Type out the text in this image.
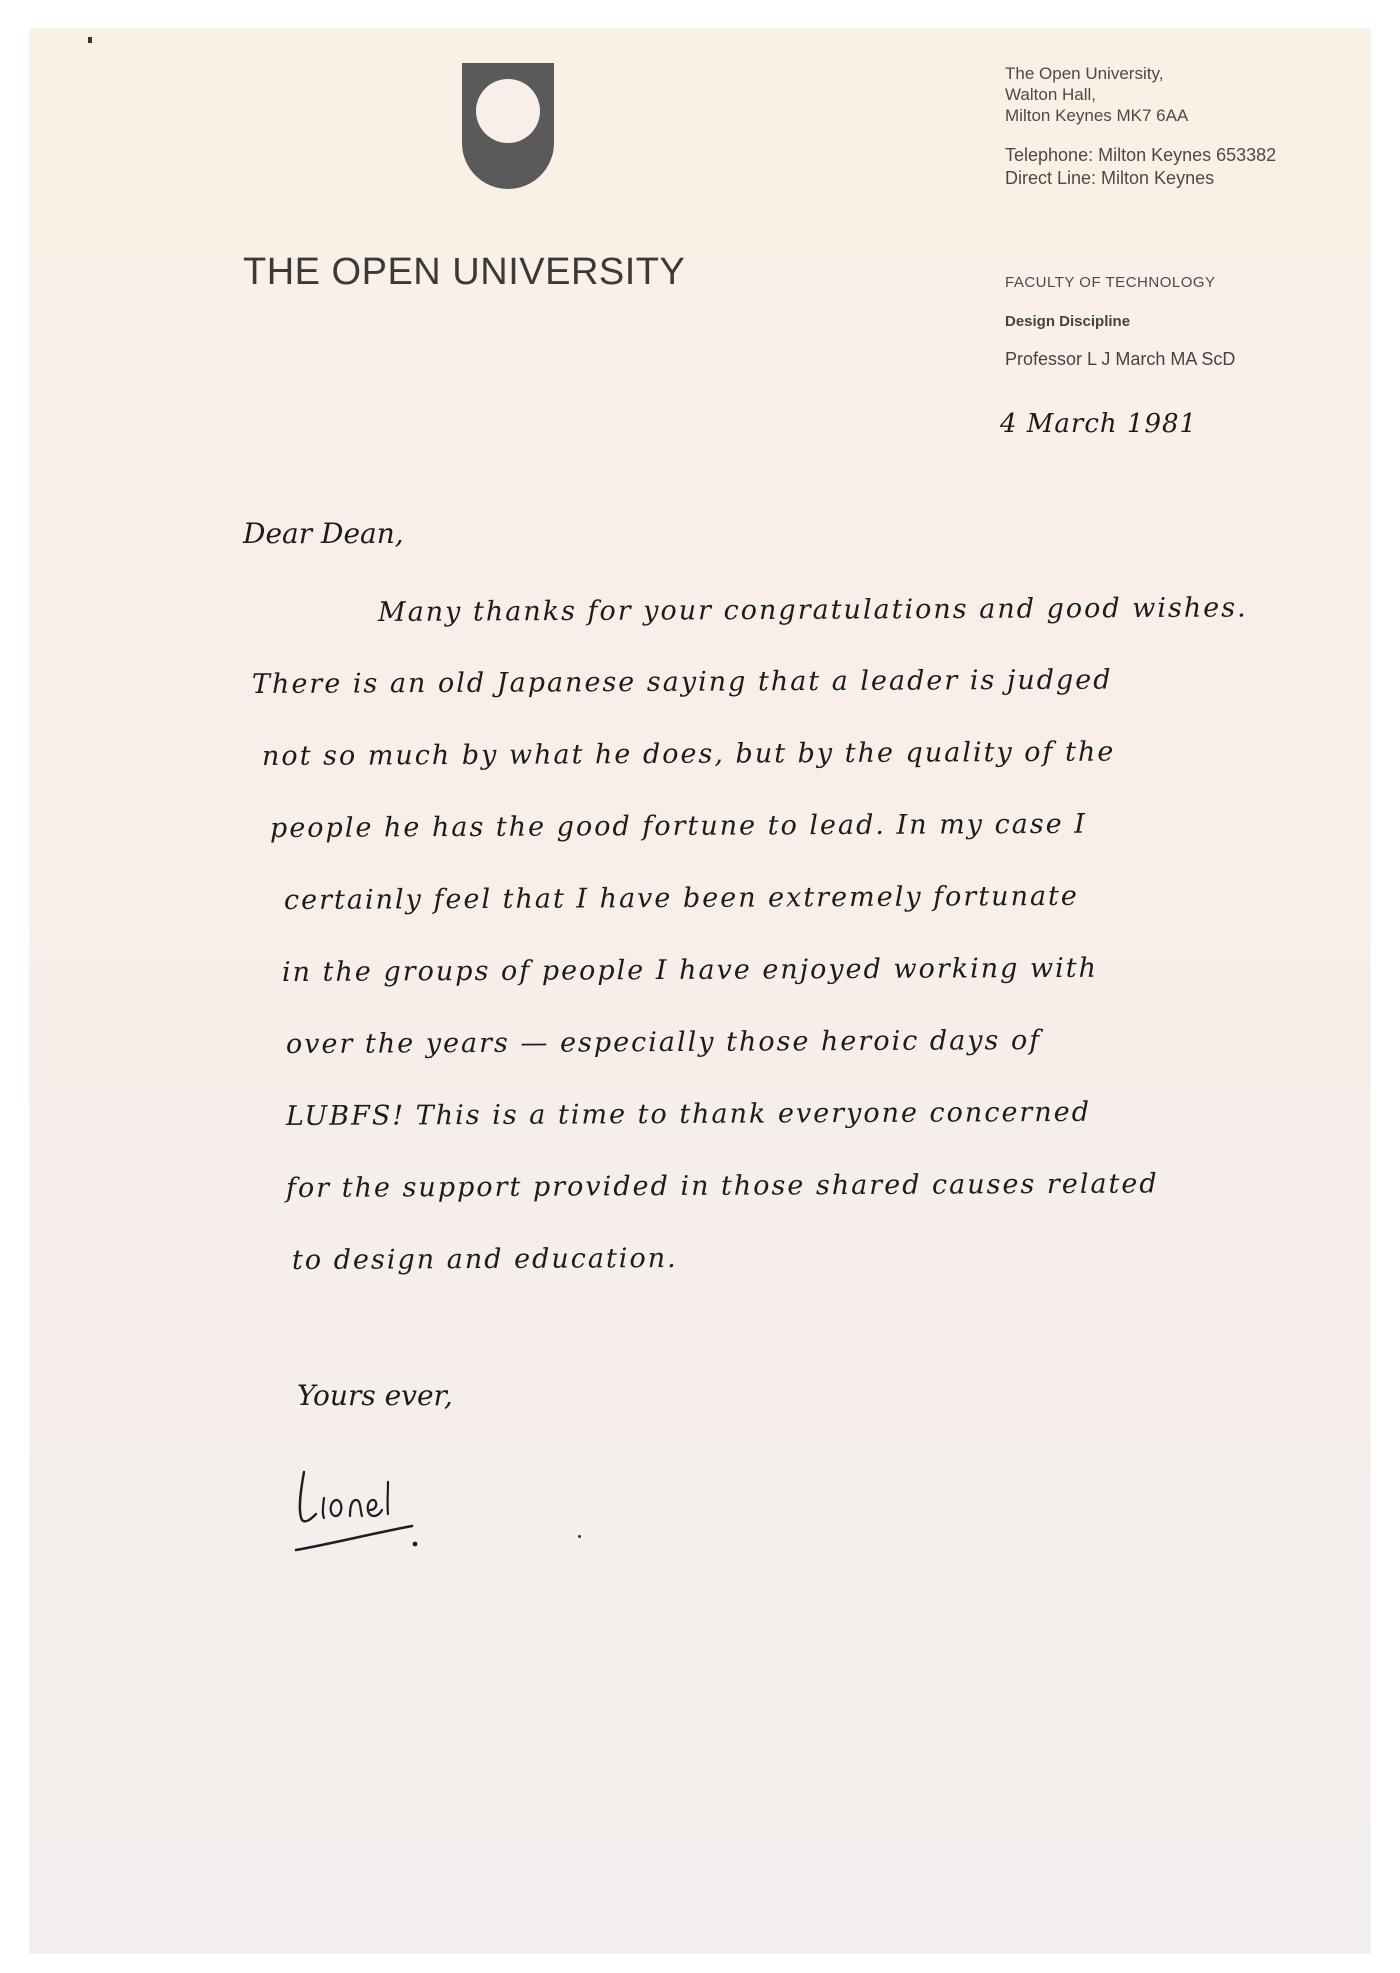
THE OPEN UNIVERSITY
The Open University,
Walton Hall,
Milton Keynes MK7 6AA
Telephone: Milton Keynes 653382
Direct Line: Milton Keynes
FACULTY OF TECHNOLOGY
Design Discipline
Professor L J March MA ScD
4 March 1981
Dear Dean,
Many thanks for your congratulations and good wishes.
There is an old Japanese saying that a leader is judged
not so much by what he does, but by the quality of the
people he has the good fortune to lead. In my case I
certainly feel that I have been extremely fortunate
in the groups of people I have enjoyed working with
over the years — especially those heroic days of
LUBFS! This is a time to thank everyone concerned
for the support provided in those shared causes related
to design and education.
Yours ever,
